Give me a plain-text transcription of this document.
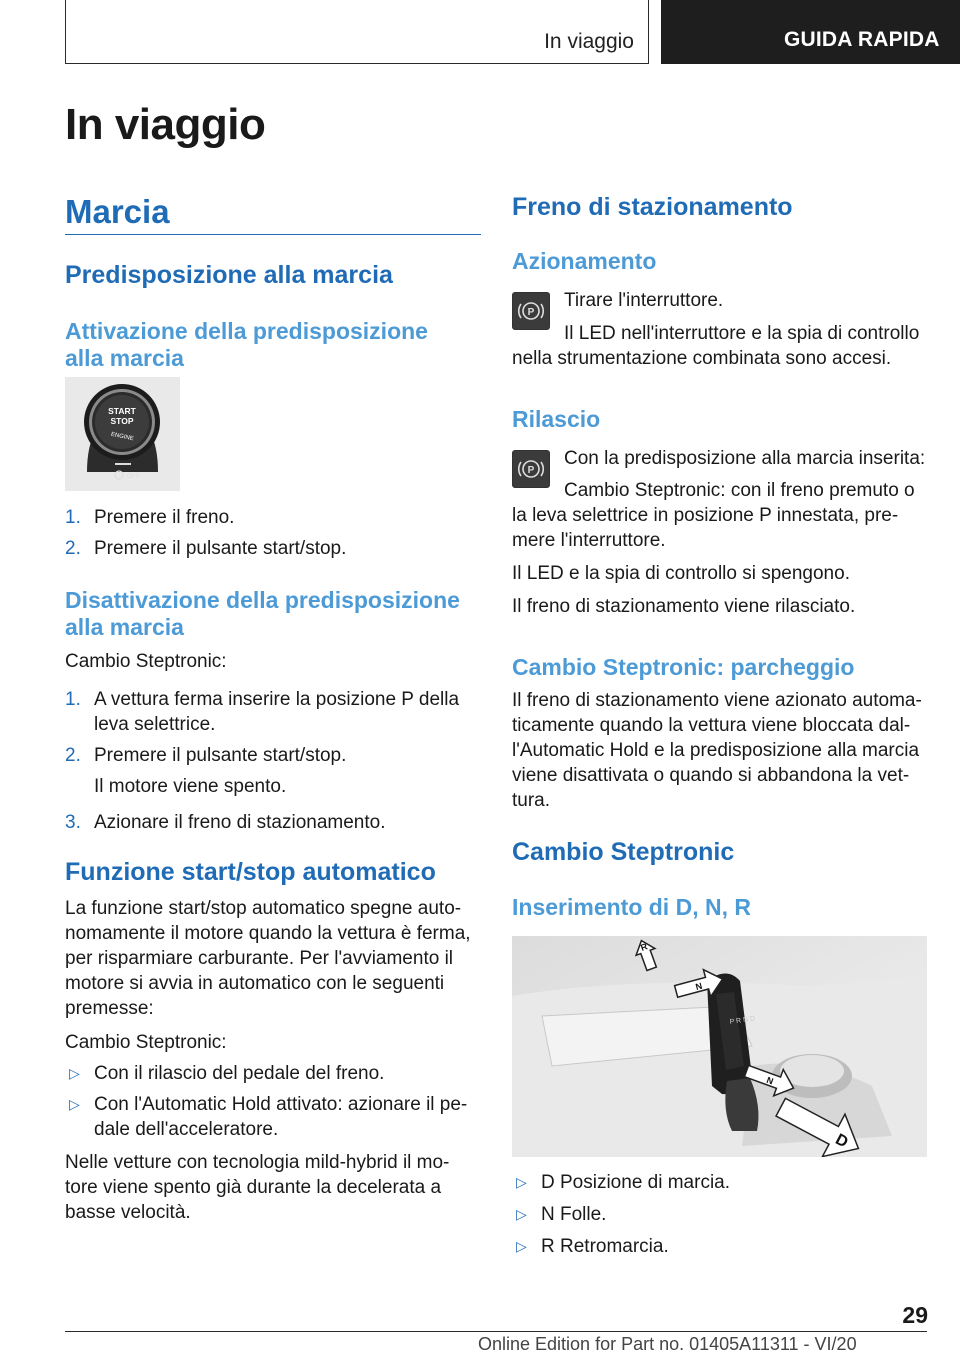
In viaggio	GUIDA RAPIDA
In viaggio
Marcia
Predisposizione alla marcia
Attivazione della predisposizione
alla marcia
START
STOP
ENGINE
OFF
1. Premere il freno.
2. Premere il pulsante start/stop.
Disattivazione della predisposizione
alla marcia
Cambio Steptronic:
1. A vettura ferma inserire la posizione P della
leva selettrice.
2. Premere il pulsante start/stop.
Il motore viene spento.
3. Azionare il freno di stazionamento.
Funzione start/stop automatico
La funzione start/stop automatico spegne auto‐
nomamente il motore quando la vettura è ferma,
per risparmiare carburante. Per l'avviamento il
motore si avvia in automatico con le seguenti
premesse:
Cambio Steptronic:
▷ Con il rilascio del pedale del freno.
▷ Con l'Automatic Hold attivato: azionare il pe‐
dale dell'acceleratore.
Nelle vetture con tecnologia mild-hybrid il mo‐
tore viene spento già durante la decelerata a
basse velocità.
Freno di stazionamento
Azionamento
P
Tirare l'interruttore.
Il LED nell'interruttore e la spia di controllo
nella strumentazione combinata sono accesi.
Rilascio
P
Con la predisposizione alla marcia inserita:
Cambio Steptronic: con il freno premuto o
la leva selettrice in posizione P innestata, pre‐
mere l'interruttore.
Il LED e la spia di controllo si spengono.
Il freno di stazionamento viene rilasciato.
Cambio Steptronic: parcheggio
Il freno di stazionamento viene azionato automa‐
ticamente quando la vettura viene bloccata dal‐
l'Automatic Hold e la predisposizione alla marcia
viene disattivata o quando si abbandona la vet‐
tura.
Cambio Steptronic
Inserimento di D, N, R
P R N D
R
N
N
D
▷ D Posizione di marcia.
▷ N Folle.
▷ R Retromarcia.
29
Online Edition for Part no. 01405A11311 - VI/20
